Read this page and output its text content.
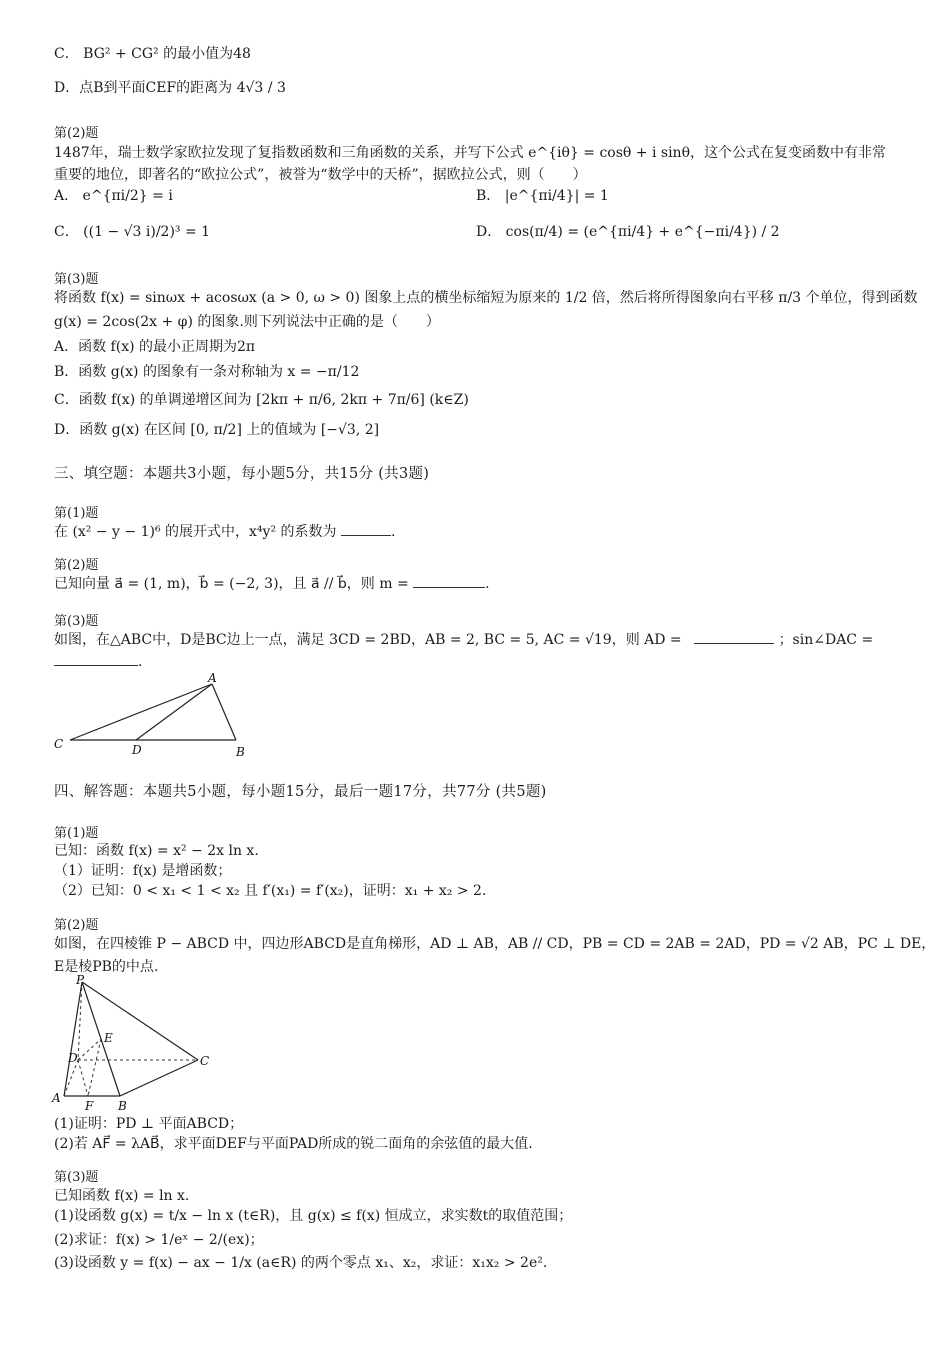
C． BG² + CG² 的最小值为48
D．点B到平面CEF的距离为 4√3 / 3
第(2)题
1487年，瑞士数学家欧拉发现了复指数函数和三角函数的关系，并写下公式 e^{iθ} = cosθ + i sinθ，这个公式在复变函数中有非常重要的地位，即著名的“欧拉公式”，被誉为“数学中的天桥”，据欧拉公式，则（　　）
A． e^{πi/2} = i	B． |e^{πi/4}| = 1
C． ((1 − √3 i)/2)³ = 1	D． cos(π/4) = (e^{πi/4} + e^{−πi/4}) / 2
第(3)题
将函数 f(x) = sinωx + acosωx (a > 0, ω > 0) 图象上点的横坐标缩短为原来的 1/2 倍，然后将所得图象向右平移 π/3 个单位，得到函数
g(x) = 2cos(2x + φ) 的图象.则下列说法中正确的是（　　）
A．函数 f(x) 的最小正周期为2π
B．函数 g(x) 的图象有一条对称轴为 x = −π/12
C．函数 f(x) 的单调递增区间为 [2kπ + π/6, 2kπ + 7π/6] (k∈Z)
D．函数 g(x) 在区间 [0, π/2] 上的值域为 [−√3, 2]
三、填空题：本题共3小题，每小题5分，共15分 (共3题)
第(1)题
在 (x² − y − 1)⁶ 的展开式中，x⁴y² 的系数为	.
第(2)题
已知向量 a⃗ = (1, m)，b⃗ = (−2, 3)，且 a⃗ // b⃗，则 m =	.
第(3)题
如图，在△ABC中，D是BC边上一点，满足 3CD = 2BD，AB = 2, BC = 5, AC = √19，则 AD =	；sin∠DAC =
.
A
B
C	D
四、解答题：本题共5小题，每小题15分，最后一题17分，共77分 (共5题)
第(1)题
已知：函数 f(x) = x² − 2x ln x.
（1）证明：f(x) 是增函数；
（2）已知：0 < x₁ < 1 < x₂ 且 f′(x₁) = f′(x₂)，证明：x₁ + x₂ > 2.
第(2)题
如图，在四棱锥 P − ABCD 中，四边形ABCD是直角梯形，AD ⊥ AB，AB // CD，PB = CD = 2AB = 2AD，PD = √2 AB，PC ⊥ DE，
E是棱PB的中点.
P
E
D	C
A
F B
(1)证明：PD ⊥ 平面ABCD；
(2)若 AF⃗ = λAB⃗，求平面DEF与平面PAD所成的锐二面角的余弦值的最大值.
第(3)题
已知函数 f(x) = ln x.
(1)设函数 g(x) = t/x − ln x (t∈R)，且 g(x) ≤ f(x) 恒成立，求实数t的取值范围；
(2)求证：f(x) > 1/eˣ − 2/(ex)；
(3)设函数 y = f(x) − ax − 1/x (a∈R) 的两个零点 x₁、x₂，求证：x₁x₂ > 2e².
